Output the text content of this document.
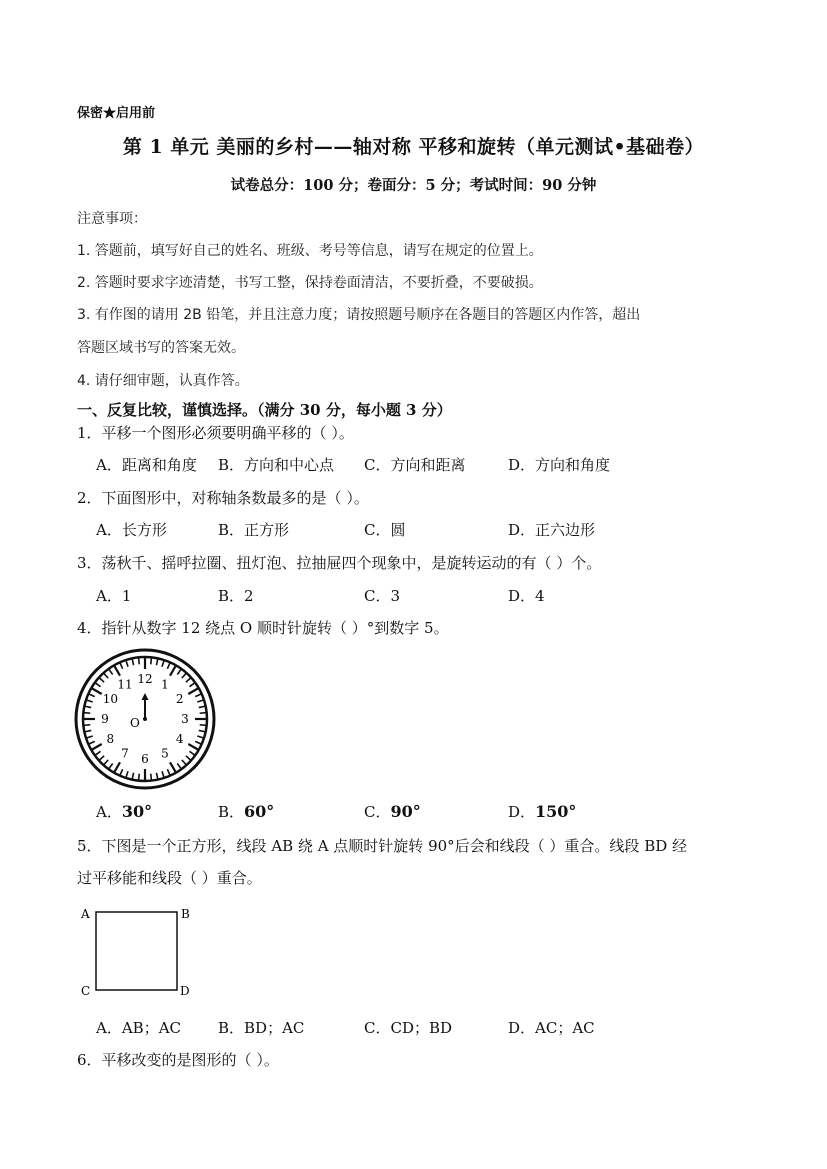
保密★启用前
第 1 单元 美丽的乡村——轴对称 平移和旋转（单元测试•基础卷）
试卷总分：100 分；卷面分：5 分；考试时间：90 分钟
注意事项：
1. 答题前，填写好自己的姓名、班级、考号等信息，请写在规定的位置上。
2. 答题时要求字迹清楚，书写工整，保持卷面清洁，不要折叠，不要破损。
3. 有作图的请用 2B 铅笔，并且注意力度；请按照题号顺序在各题目的答题区内作答，超出
答题区域书写的答案无效。
4. 请仔细审题，认真作答。
一、反复比较，谨慎选择。（满分 30 分，每小题 3 分）
1．平移一个图形必须要明确平移的（ ）。
A．距离和角度 B．方向和中心点 C．方向和距离	D．方向和角度
2．下面图形中，对称轴条数最多的是（ ）。
A．长方形	B．正方形	C．圆	D．正六边形
3．荡秋千、摇呼拉圈、扭灯泡、拉抽屉四个现象中，是旋转运动的有（ ）个。
A．1	B．2	C．3	D．4
4．指针从数字 12 绕点 O 顺时针旋转（ ）°到数字 5。
12 1
2
3
4
5
6
7
8
9
10
11
O
A．30°	B．60°	C．90°	D．150°
5．下图是一个正方形，线段 AB 绕 A 点顺时针旋转 90°后会和线段（ ）重合。线段 BD 经
过平移能和线段（ ）重合。
A	B
C	D
A．AB；AC B．BD；AC	C．CD；BD	D．AC；AC
6．平移改变的是图形的（ ）。
